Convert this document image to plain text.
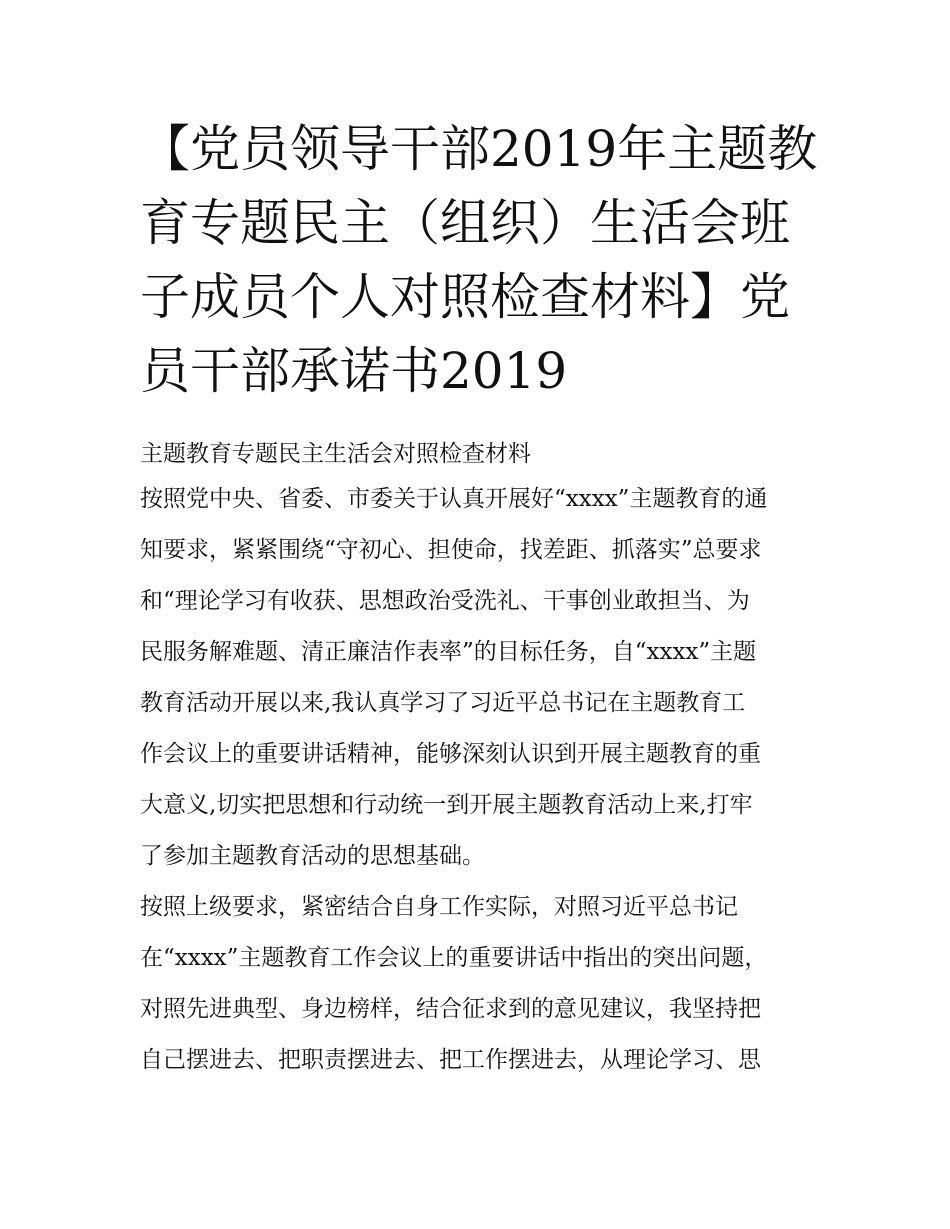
【党员领导干部2019年主题教
育专题民主（组织）生活会班
子成员个人对照检查材料】党
员干部承诺书2019
主题教育专题民主生活会对照检查材料
按照党中央、省委、市委关于认真开展好“xxxx”主题教育的通
知要求，紧紧围绕“守初心、担使命，找差距、抓落实”总要求
和“理论学习有收获、思想政治受洗礼、干事创业敢担当、为
民服务解难题、清正廉洁作表率”的目标任务，自“xxxx”主题
教育活动开展以来,我认真学习了习近平总书记在主题教育工
作会议上的重要讲话精神，能够深刻认识到开展主题教育的重
大意义,切实把思想和行动统一到开展主题教育活动上来,打牢
了参加主题教育活动的思想基础。
按照上级要求，紧密结合自身工作实际，对照习近平总书记
在“xxxx”主题教育工作会议上的重要讲话中指出的突出问题，
对照先进典型、身边榜样，结合征求到的意见建议，我坚持把
自己摆进去、把职责摆进去、把工作摆进去，从理论学习、思
